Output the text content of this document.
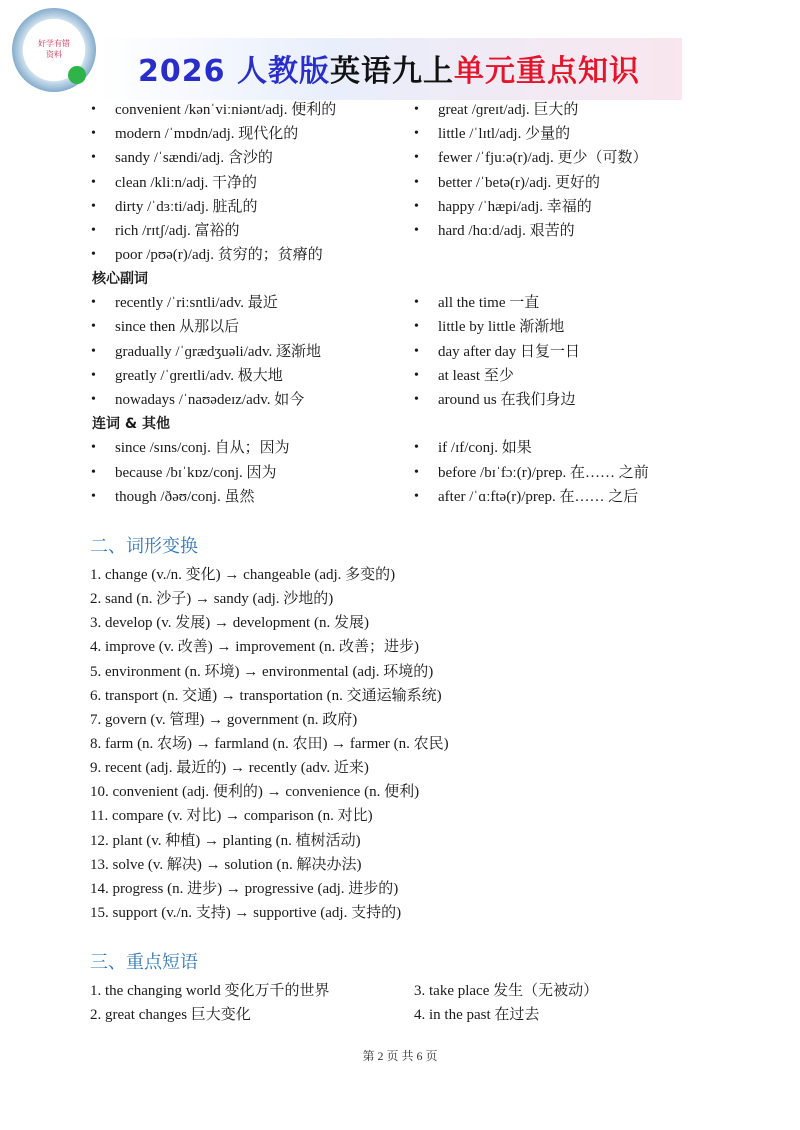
好学有错
资料	2026 人教版英语九上单元重点知识
• convenient /kənˈviːniənt/adj. 便利的
• modern /ˈmɒdn/adj. 现代化的
• sandy /ˈsændi/adj. 含沙的
• clean /kliːn/adj. 干净的
• dirty /ˈdɜːti/adj. 脏乱的
• rich /rɪtʃ/adj. 富裕的
• poor /pʊə(r)/adj. 贫穷的；贫瘠的
• great /ɡreɪt/adj. 巨大的
• little /ˈlɪtl/adj. 少量的
• fewer /ˈfjuːə(r)/adj. 更少（可数）
• better /ˈbetə(r)/adj. 更好的
• happy /ˈhæpi/adj. 幸福的
• hard /hɑːd/adj. 艰苦的
核心副词
• recently /ˈriːsntli/adv. 最近
• since then 从那以后
• gradually /ˈɡrædʒuəli/adv. 逐渐地
• greatly /ˈɡreɪtli/adv. 极大地
• nowadays /ˈnaʊədeɪz/adv. 如今
• all the time 一直
• little by little 渐渐地
• day after day 日复一日
• at least 至少
• around us 在我们身边
连词 & 其他
• since /sɪns/conj. 自从；因为
• because /bɪˈkɒz/conj. 因为
• though /ðəʊ/conj. 虽然
• if /ɪf/conj. 如果
• before /bɪˈfɔː(r)/prep. 在…… 之前
• after /ˈɑːftə(r)/prep. 在…… 之后
二、词形变换
1. change (v./n. 变化) → changeable (adj. 多变的)
2. sand (n. 沙子) → sandy (adj. 沙地的)
3. develop (v. 发展) → development (n. 发展)
4. improve (v. 改善) → improvement (n. 改善；进步)
5. environment (n. 环境) → environmental (adj. 环境的)
6. transport (n. 交通) → transportation (n. 交通运输系统)
7. govern (v. 管理) → government (n. 政府)
8. farm (n. 农场) → farmland (n. 农田) → farmer (n. 农民)
9. recent (adj. 最近的) → recently (adv. 近来)
10. convenient (adj. 便利的) → convenience (n. 便利)
11. compare (v. 对比) → comparison (n. 对比)
12. plant (v. 种植) → planting (n. 植树活动)
13. solve (v. 解决) → solution (n. 解决办法)
14. progress (n. 进步) → progressive (adj. 进步的)
15. support (v./n. 支持) → supportive (adj. 支持的)
三、重点短语
1. the changing world 变化万千的世界
2. great changes 巨大变化
3. take place 发生（无被动）
4. in the past 在过去
第 2 页 共 6 页
